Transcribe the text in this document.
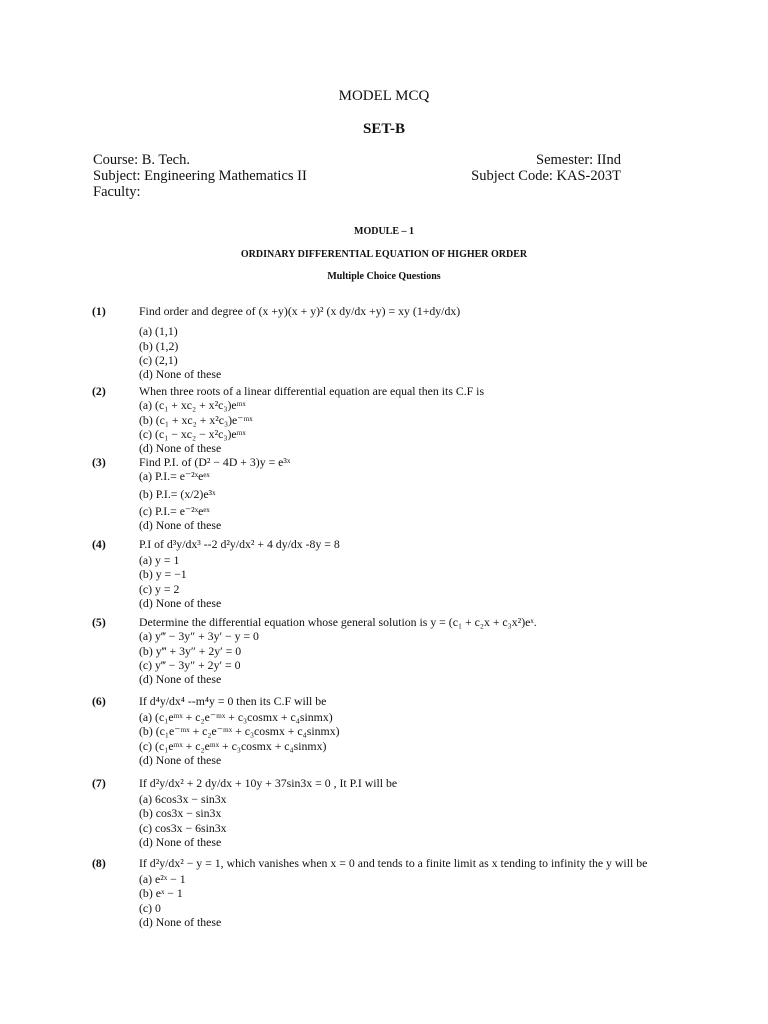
MODEL MCQ
SET-B
Course: B. Tech.
Subject: Engineering Mathematics II
Faculty:
Semester: IInd
Subject Code: KAS-203T
MODULE – 1
ORDINARY DIFFERENTIAL EQUATION OF HIGHER ORDER
Multiple Choice Questions
(1)	Find order and degree of (x +y)(x + y)² (x dy/dx +y) = xy (1+dy/dx)
(a) (1,1)
(b) (1,2)
(c) (2,1)
(d) None of these
(2)	When three roots of a linear differential equation are equal then its C.F is
(a) (c₁ + xc₂ + x²c₃)eᵐˣ
(b) (c₁ + xc₂ + x²c₃)e⁻ᵐˣ
(c) (c₁ − xc₂ − x²c₃)eᵐˣ
(d) None of these
(3)	Find P.I. of (D² − 4D + 3)y = e³ˣ
(a) P.I.= e⁻²ˣeᵉˣ
(b) P.I.= (x/2)e³ˣ
(c) P.I.= e⁻²ˣeᵉˣ
(d) None of these
(4)	P.I of d³y/dx³ --2 d²y/dx² + 4 dy/dx -8y = 8
(a) y = 1
(b) y = −1
(c) y = 2
(d) None of these
(5)	Determine the differential equation whose general solution is y = (c₁ + c₂x + c₃x²)eˣ.
(a) y‴ − 3y″ + 3y′ − y = 0
(b) y‴ + 3y″ + 2y′ = 0
(c) y‴ − 3y″ + 2y′ = 0
(d) None of these
(6)	If d⁴y/dx⁴ --m⁴y = 0 then its C.F will be
(a) (c₁eᵐˣ + c₂e⁻ᵐˣ + c₃cosmx + c₄sinmx)
(b) (c₁e⁻ᵐˣ + c₂e⁻ᵐˣ + c₃cosmx + c₄sinmx)
(c) (c₁eᵐˣ + c₂eᵐˣ + c₃cosmx + c₄sinmx)
(d) None of these
(7)	If d²y/dx² + 2 dy/dx + 10y + 37sin3x = 0 , It P.I will be
(a) 6cos3x − sin3x
(b) cos3x − sin3x
(c) cos3x − 6sin3x
(d) None of these
(8)	If d²y/dx² − y = 1, which vanishes when x = 0 and tends to a finite limit as x tending to infinity the y will be
(a) e²ˣ − 1
(b) eˣ − 1
(c) 0
(d) None of these
